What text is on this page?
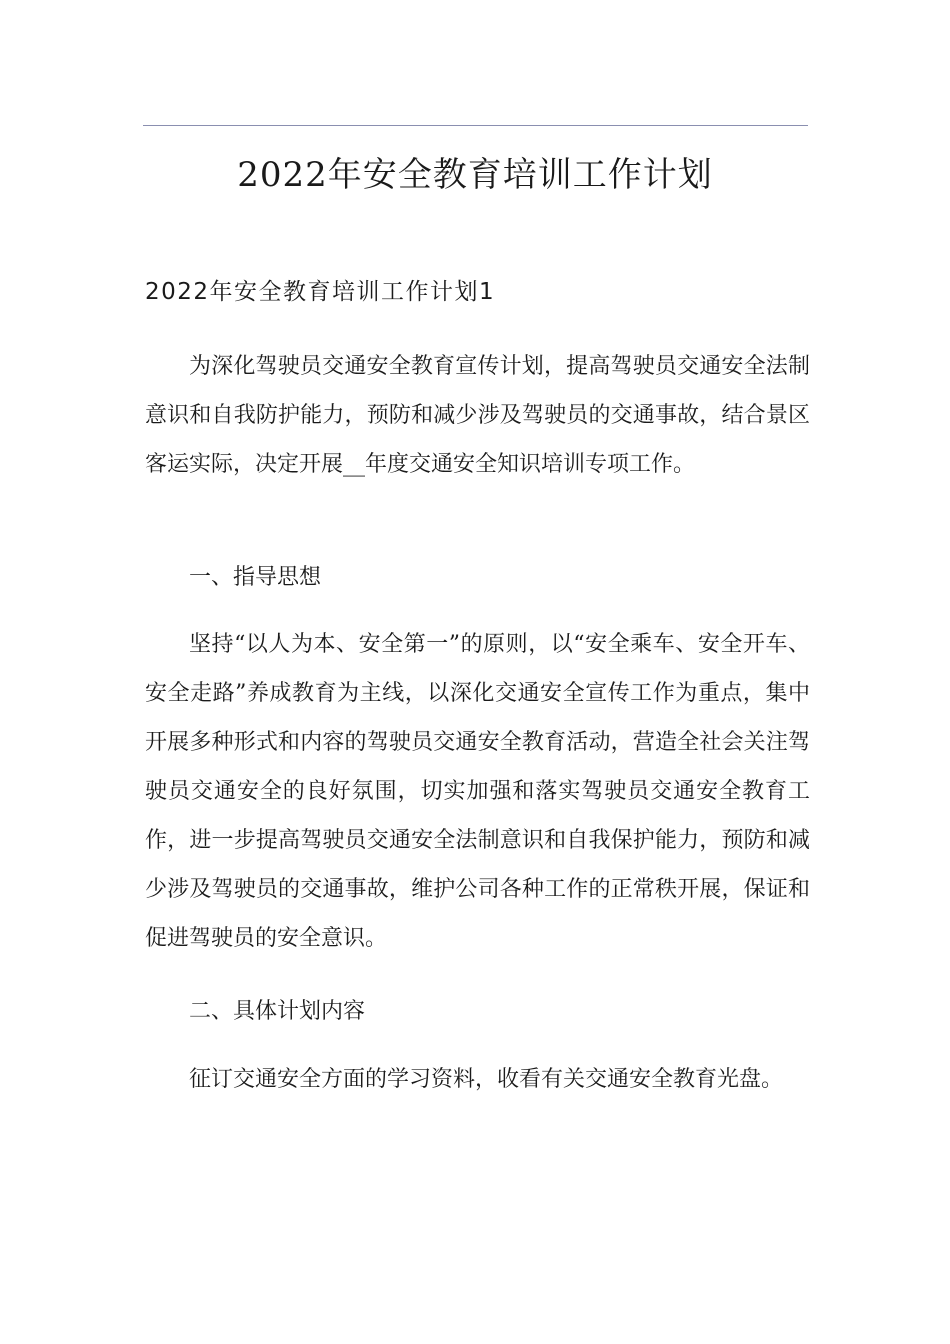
2022年安全教育培训工作计划
2022年安全教育培训工作计划1

为深化驾驶员交通安全教育宣传计划，提高驾驶员交通安全法制意识和自我防护能力，预防和减少涉及驾驶员的交通事故，结合景区客运实际，决定开展__年度交通安全知识培训专项工作。

一、指导思想

坚持“以人为本、安全第一”的原则，以“安全乘车、安全开车、安全走路”养成教育为主线，以深化交通安全宣传工作为重点，集中开展多种形式和内容的驾驶员交通安全教育活动，营造全社会关注驾驶员交通安全的良好氛围，切实加强和落实驾驶员交通安全教育工作，进一步提高驾驶员交通安全法制意识和自我保护能力，预防和减少涉及驾驶员的交通事故，维护公司各种工作的正常秩开展，保证和促进驾驶员的安全意识。

二、具体计划内容

征订交通安全方面的学习资料，收看有关交通安全教育光盘。
